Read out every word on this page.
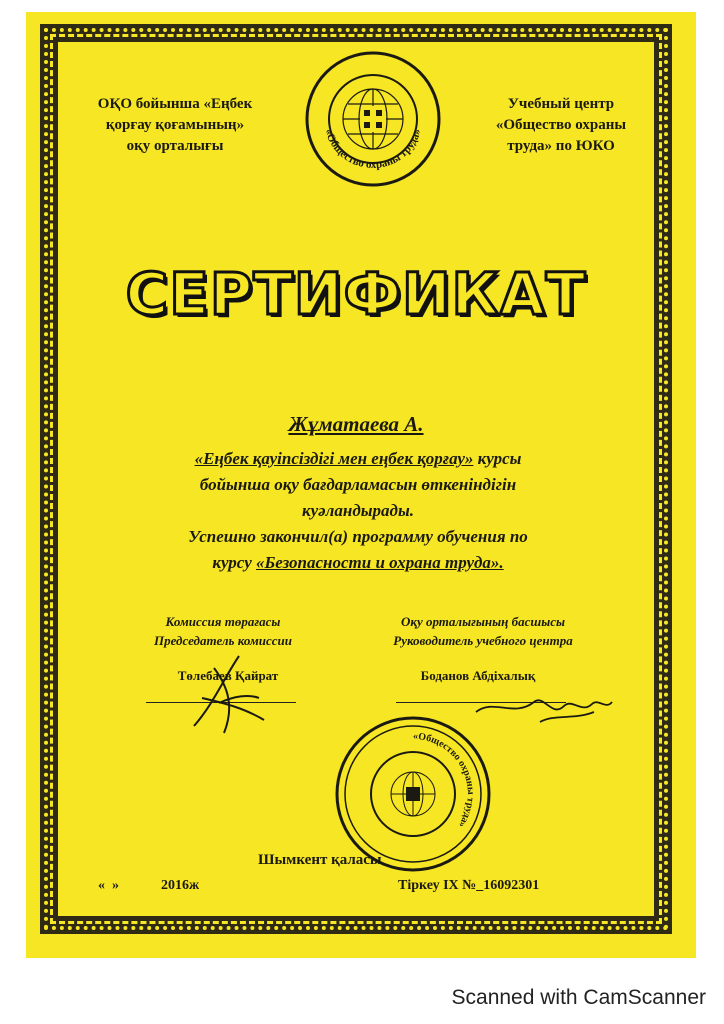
ОҚО бойынша «Еңбек
қорғау қоғамының»
оқу орталығы
«Общество охраны труда»
Учебный центр
«Общество охраны
труда» по ЮКО
СЕРТИФИКАТ
Жұматаева А.
«Еңбек қауіпсіздігі мен еңбек қорғау» курсы
бойынша оқу бағдарламасын өткеніндігін
куәландырады.
Успешно закончил(а) программу обучения по
курсу «Безопасности и охрана труда».
Комиссия төрағасы
Председатель комиссии
Оқу орталығының басшысы
Руководитель учебного центра
Төлебаев Қайрат	Боданов Абдіхалық
«Общество охраны труда»
Шымкент қаласы
«  »            2016ж	Тіркеу IX №_16092301
Scanned with CamScanner
